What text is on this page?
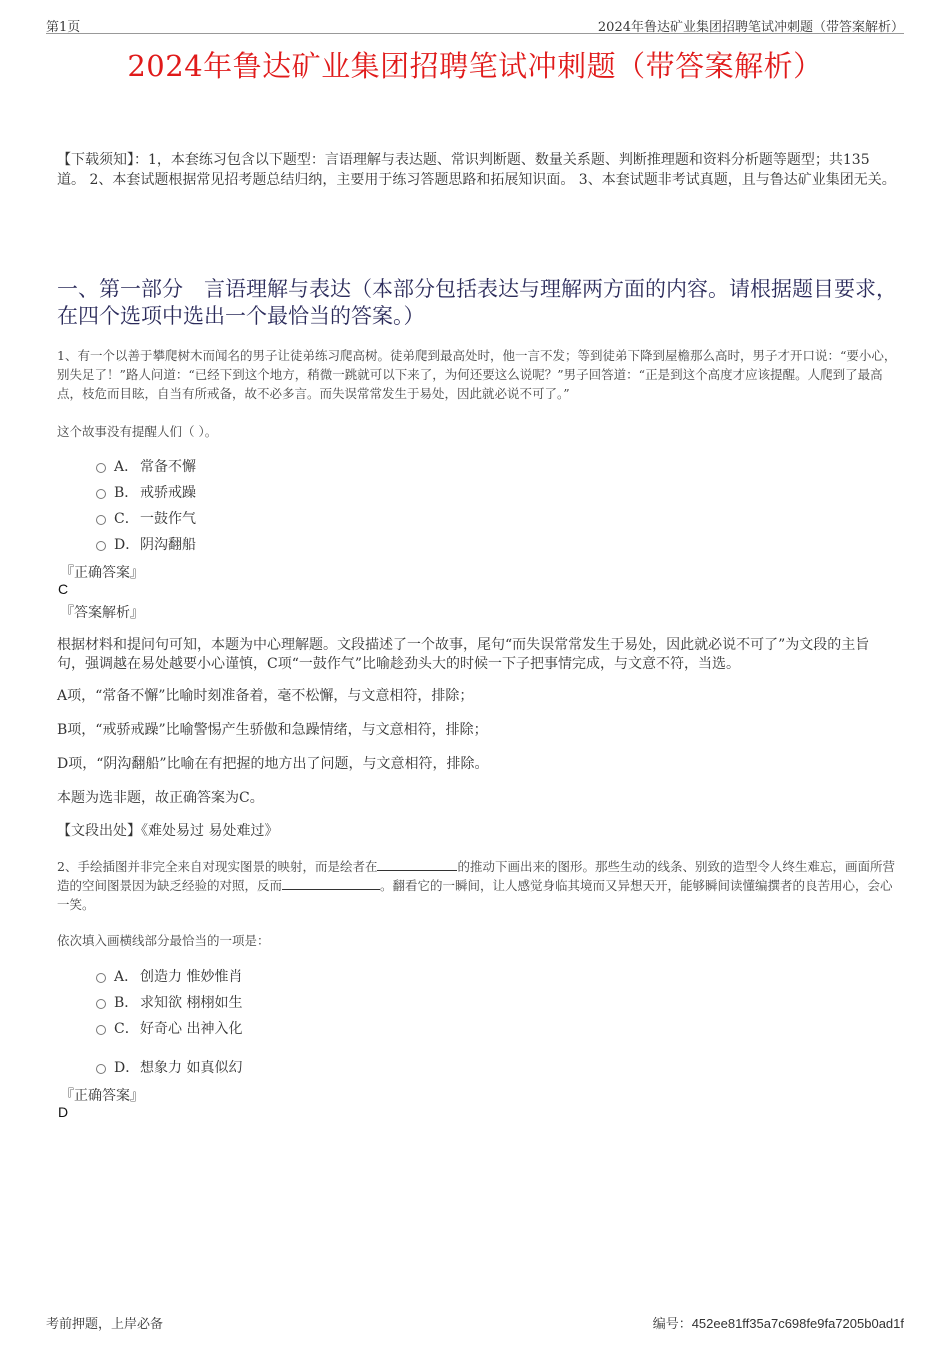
第1页	2024年鲁达矿业集团招聘笔试冲刺题（带答案解析）
2024年鲁达矿业集团招聘笔试冲刺题（带答案解析）
【下载须知】：1，本套练习包含以下题型：言语理解与表达题、常识判断题、数量关系题、判断推理题和资料分析题等题型；共135道。 2、本套试题根据常见招考题总结归纳，主要用于练习答题思路和拓展知识面。 3、本套试题非考试真题，且与鲁达矿业集团无关。
一、第一部分　言语理解与表达（本部分包括表达与理解两方面的内容。请根据题目要求，在四个选项中选出一个最恰当的答案。）
1、有一个以善于攀爬树木而闻名的男子让徒弟练习爬高树。徒弟爬到最高处时，他一言不发；等到徒弟下降到屋檐那么高时，男子才开口说：“要小心，别失足了！”路人问道：“已经下到这个地方，稍微一跳就可以下来了，为何还要这么说呢？”男子回答道：“正是到这个高度才应该提醒。人爬到了最高点，枝危而目眩，自当有所戒备，故不必多言。而失误常常发生于易处，因此就必说不可了。”
这个故事没有提醒人们（ ）。
A． 常备不懈
B． 戒骄戒躁
C． 一鼓作气
D． 阴沟翻船
『正确答案』
C
『答案解析』
根据材料和提问句可知，本题为中心理解题。文段描述了一个故事，尾句“而失误常常发生于易处，因此就必说不可了”为文段的主旨句，强调越在易处越要小心谨慎，C项“一鼓作气”比喻趁劲头大的时候一下子把事情完成，与文意不符，当选。
A项，“常备不懈”比喻时刻准备着，毫不松懈，与文意相符，排除；
B项，“戒骄戒躁”比喻警惕产生骄傲和急躁情绪，与文意相符，排除；
D项，“阴沟翻船”比喻在有把握的地方出了问题，与文意相符，排除。
本题为选非题，故正确答案为C。
【文段出处】《难处易过 易处难过》
2、手绘插图并非完全来自对现实图景的映射，而是绘者在	的推动下画出来的图形。那些生动的线条、别致的造型令人终生难忘，画面所营造的空间图景因为缺乏经验的对照，反而	。翻看它的一瞬间，让人感觉身临其境而又异想天开，能够瞬间读懂编撰者的良苦用心，会心一笑。
依次填入画横线部分最恰当的一项是：
A． 创造力 惟妙惟肖
B． 求知欲 栩栩如生
C． 好奇心 出神入化
D． 想象力 如真似幻
『正确答案』
D
考前押题，上岸必备	编号：452ee81ff35a7c698fe9fa7205b0ad1f
